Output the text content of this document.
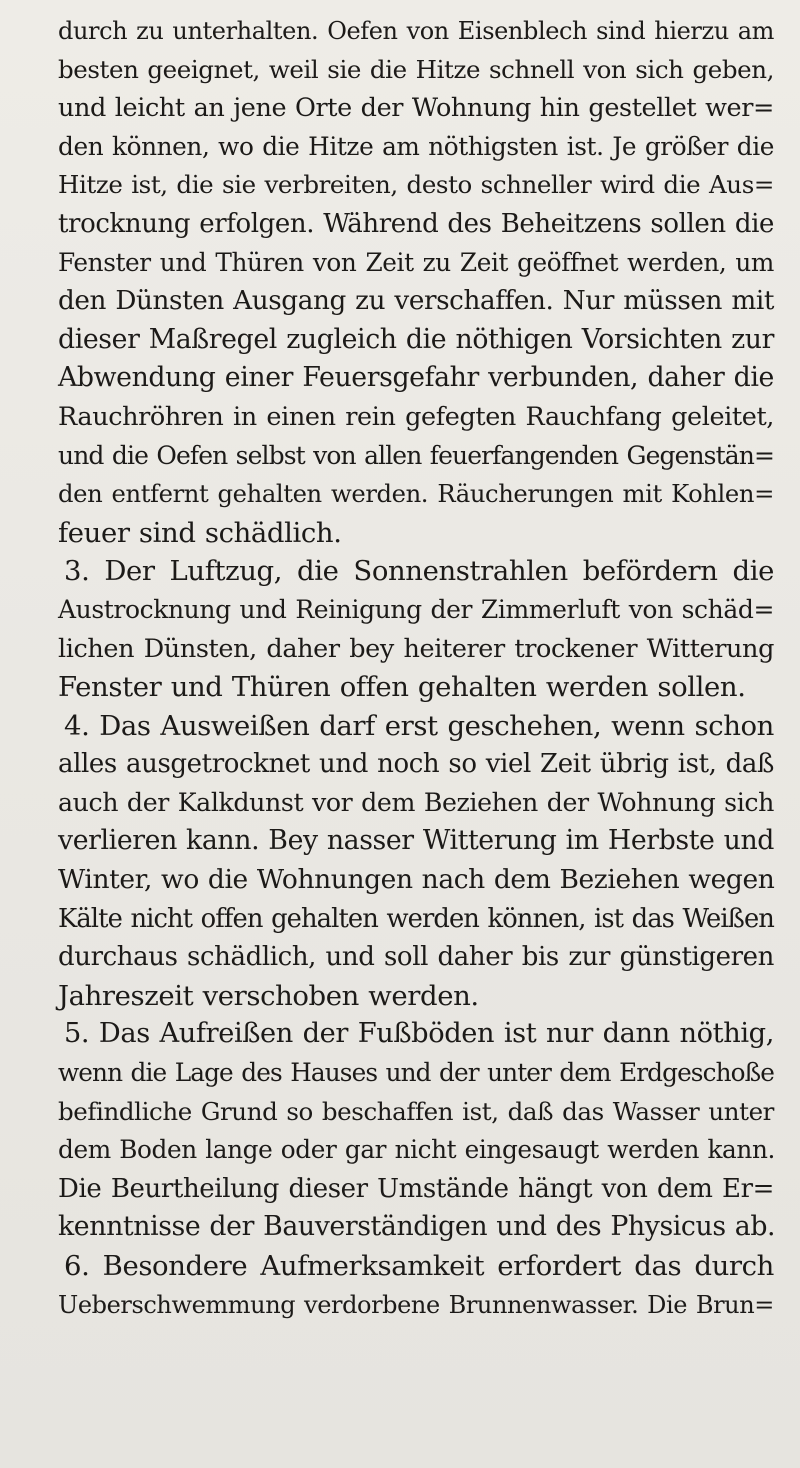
durch zu unterhalten. Oefen von Eisenblech sind hierzu am
besten geeignet, weil sie die Hitze schnell von sich geben,
und leicht an jene Orte der Wohnung hin gestellet wer=
den können, wo die Hitze am nöthigsten ist. Je größer die
Hitze ist, die sie verbreiten, desto schneller wird die Aus=
trocknung erfolgen. Während des Beheitzens sollen die
Fenster und Thüren von Zeit zu Zeit geöffnet werden, um
den Dünsten Ausgang zu verschaffen. Nur müssen mit
dieser Maßregel zugleich die nöthigen Vorsichten zur
Abwendung einer Feuersgefahr verbunden, daher die
Rauchröhren in einen rein gefegten Rauchfang geleitet,
und die Oefen selbst von allen feuerfangenden Gegenstän=
den entfernt gehalten werden. Räucherungen mit Kohlen=
feuer sind schädlich.
3. Der Luftzug, die Sonnenstrahlen befördern die
Austrocknung und Reinigung der Zimmerluft von schäd=
lichen Dünsten, daher bey heiterer trockener Witterung
Fenster und Thüren offen gehalten werden sollen.
4. Das Ausweißen darf erst geschehen, wenn schon
alles ausgetrocknet und noch so viel Zeit übrig ist, daß
auch der Kalkdunst vor dem Beziehen der Wohnung sich
verlieren kann. Bey nasser Witterung im Herbste und
Winter, wo die Wohnungen nach dem Beziehen wegen
Kälte nicht offen gehalten werden können, ist das Weißen
durchaus schädlich, und soll daher bis zur günstigeren
Jahreszeit verschoben werden.
5. Das Aufreißen der Fußböden ist nur dann nöthig,
wenn die Lage des Hauses und der unter dem Erdgeschoße
befindliche Grund so beschaffen ist, daß das Wasser unter
dem Boden lange oder gar nicht eingesaugt werden kann.
Die Beurtheilung dieser Umstände hängt von dem Er=
kenntnisse der Bauverständigen und des Physicus ab.
6. Besondere Aufmerksamkeit erfordert das durch
Ueberschwemmung verdorbene Brunnenwasser. Die Brun=
